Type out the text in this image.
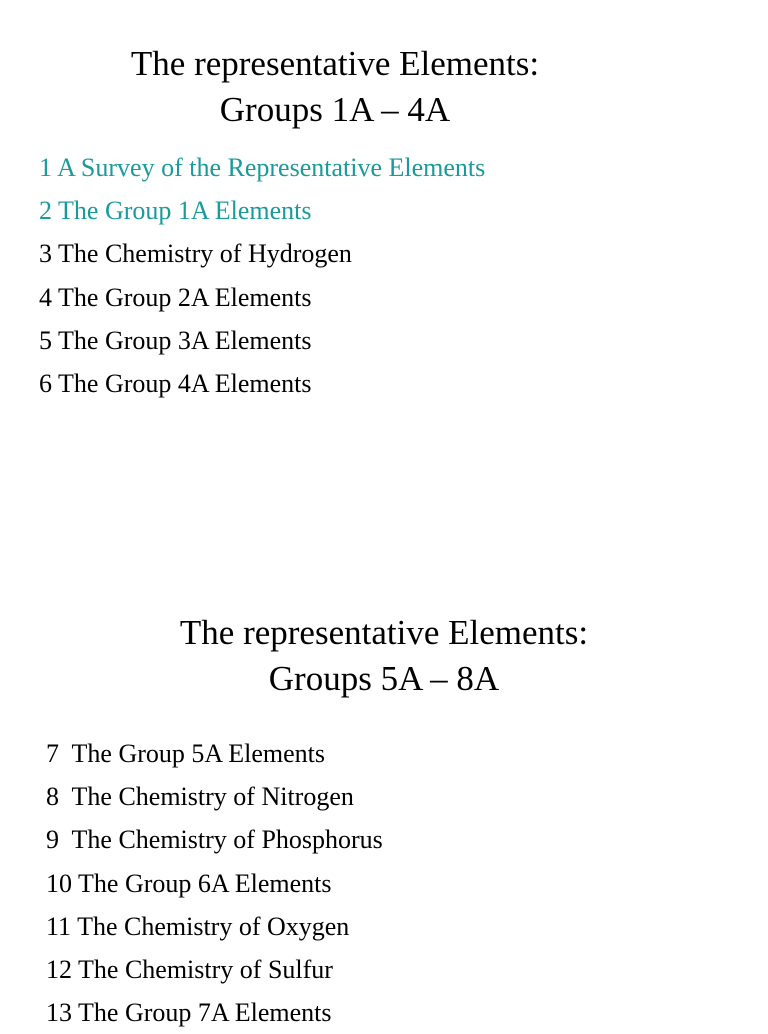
The representative Elements:
Groups 1A – 4A
1 A Survey of the Representative Elements
2 The Group 1A Elements
3 The Chemistry of Hydrogen
4 The Group 2A Elements
5 The Group 3A Elements
6 The Group 4A Elements
The representative Elements:
Groups 5A – 8A
7  The Group 5A Elements
8  The Chemistry of Nitrogen
9  The Chemistry of Phosphorus
10 The Group 6A Elements
11 The Chemistry of Oxygen
12 The Chemistry of Sulfur
13 The Group 7A Elements
